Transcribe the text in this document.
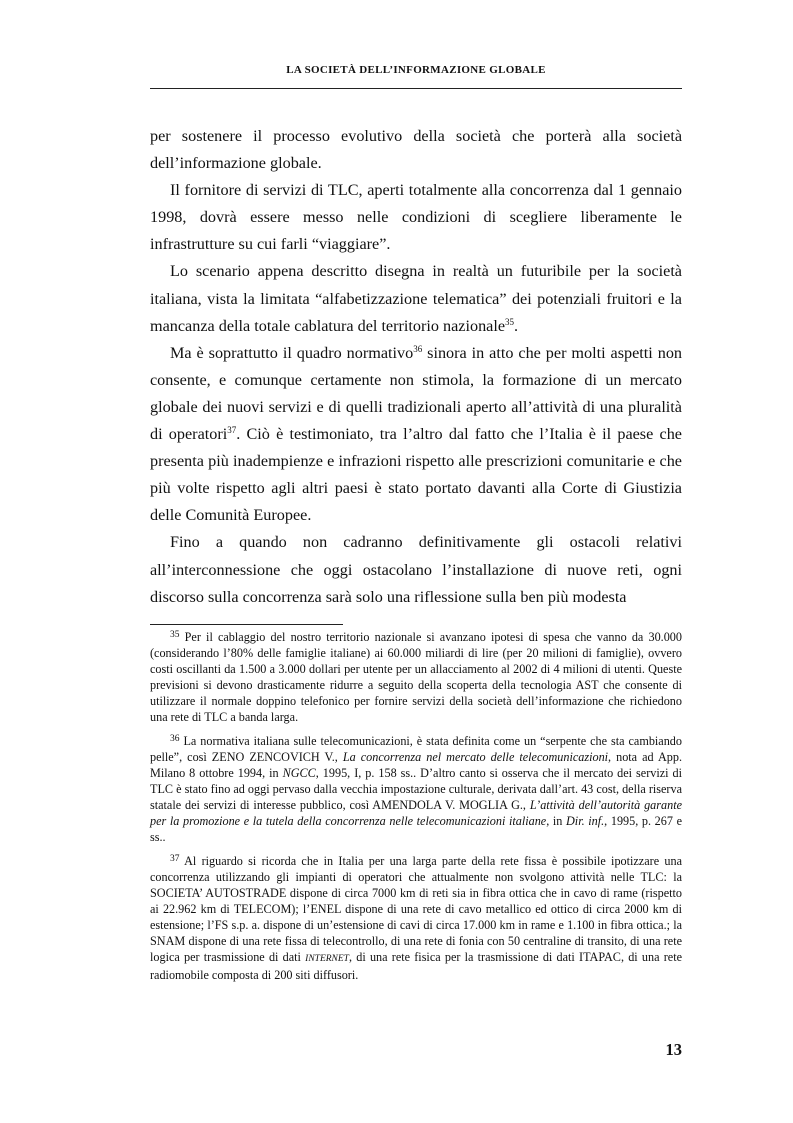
LA SOCIETÀ DELL’INFORMAZIONE GLOBALE

per sostenere il processo evolutivo della società che porterà alla società dell’informazione globale.

Il fornitore di servizi di TLC, aperti totalmente alla concorrenza dal 1 gennaio 1998, dovrà essere messo nelle condizioni di scegliere liberamente le infrastrutture su cui farli “viaggiare”.

Lo scenario appena descritto disegna in realtà un futuribile per la società italiana, vista la limitata “alfabetizzazione telematica” dei potenziali fruitori e la mancanza della totale cablatura del territorio nazionale$^{35}$.

Ma è soprattutto il quadro normativo$^{36}$ sinora in atto che per molti aspetti non consente, e comunque certamente non stimola, la formazione di un mercato globale dei nuovi servizi e di quelli tradizionali aperto all’attività di una pluralità di operatori$^{37}$. Ciò è testimoniato, tra l’altro dal fatto che l’Italia è il paese che presenta più inadempienze e infrazioni rispetto alle prescrizioni comunitarie e che più volte rispetto agli altri paesi è stato portato davanti alla Corte di Giustizia delle Comunità Europee.

Fino a quando non cadranno definitivamente gli ostacoli relativi all’interconnessione che oggi ostacolano l’installazione di nuove reti, ogni discorso sulla concorrenza sarà solo una riflessione sulla ben più modesta

$^{35}$ Per il cablaggio del nostro territorio nazionale si avanzano ipotesi di spesa che vanno da 30.000 (considerando l’80% delle famiglie italiane) ai 60.000 miliardi di lire (per 20 milioni di famiglie), ovvero costi oscillanti da 1.500 a 3.000 dollari per utente per un allacciamento al 2002 di 4 milioni di utenti. Queste previsioni si devono drasticamente ridurre a seguito della scoperta della tecnologia AST che consente di utilizzare il normale doppino telefonico per fornire servizi della società dell’informazione che richiedono una rete di TLC a banda larga.

$^{36}$ La normativa italiana sulle telecomunicazioni, è stata definita come un “serpente che sta cambiando pelle”, così ZENO ZENCOVICH V., La concorrenza nel mercato delle telecomunicazioni, nota ad App. Milano 8 ottobre 1994, in NGCC, 1995, I, p. 158 ss.. D’altro canto si osserva che il mercato dei servizi di TLC è stato fino ad oggi pervaso dalla vecchia impostazione culturale, derivata dall’art. 43 cost, della riserva statale dei servizi di interesse pubblico, così AMENDOLA V. MOGLIA G., L’attività dell’autorità garante per la promozione e la tutela della concorrenza nelle telecomunicazioni italiane, in Dir. inf., 1995, p. 267 e ss..

$^{37}$ Al riguardo si ricorda che in Italia per una larga parte della rete fissa è possibile ipotizzare una concorrenza utilizzando gli impianti di operatori che attualmente non svolgono attività nelle TLC: la SOCIETA’ AUTOSTRADE dispone di circa 7000 km di reti sia in fibra ottica che in cavo di rame (rispetto ai 22.962 km di TELECOM); l’ENEL dispone di una rete di cavo metallico ed ottico di circa 2000 km di estensione; l’FS s.p. a. dispone di un’estensione di cavi di circa 17.000 km in rame e 1.100 in fibra ottica.; la SNAM dispone di una rete fissa di telecontrollo, di una rete di fonia con 50 centraline di transito, di una rete logica per trasmissione di dati INTERNET, di una rete fisica per la trasmissione di dati ITAPAC, di una rete radiomobile composta di 200 siti diffusori.

13
